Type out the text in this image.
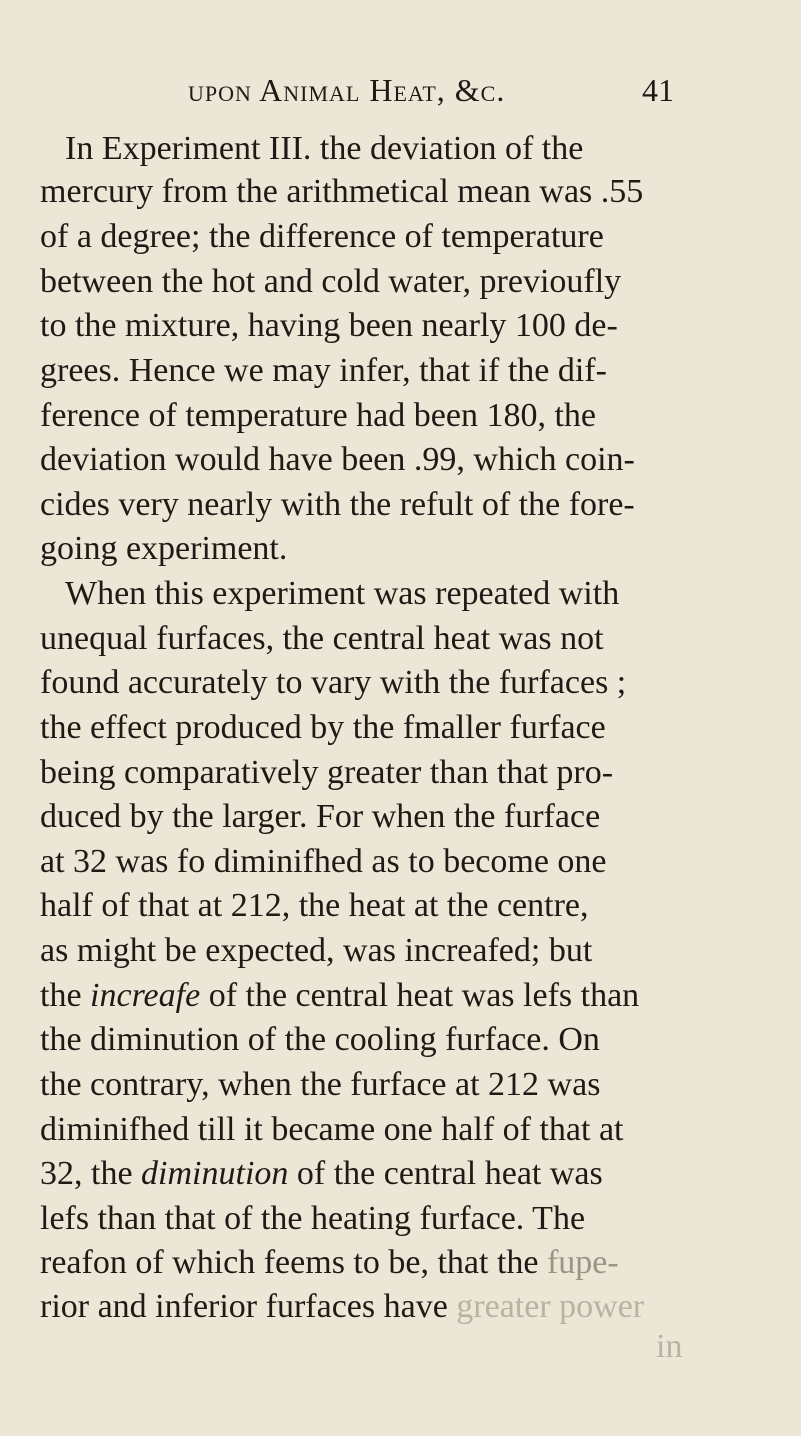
upon Animal Heat, &c.	41
In Experiment III. the deviation of the
mercury from the arithmetical mean was .55
of a degree; the difference of temperature
between the hot and cold water, previoufly
to the mixture, having been nearly 100 de-
grees. Hence we may infer, that if the dif-
ference of temperature had been 180, the
deviation would have been .99, which coin-
cides very nearly with the refult of the fore-
going experiment.
When this experiment was repeated with
unequal furfaces, the central heat was not
found accurately to vary with the furfaces ;
the effect produced by the fmaller furface
being comparatively greater than that pro-
duced by the larger. For when the furface
at 32 was fo diminifhed as to become one
half of that at 212, the heat at the centre,
as might be expected, was increafed; but
the increafe of the central heat was lefs than
the diminution of the cooling furface. On
the contrary, when the furface at 212 was
diminifhed till it became one half of that at
32, the diminution of the central heat was
lefs than that of the heating furface. The
reafon of which feems to be, that the fupe-
rior and inferior furfaces have greater power
in
